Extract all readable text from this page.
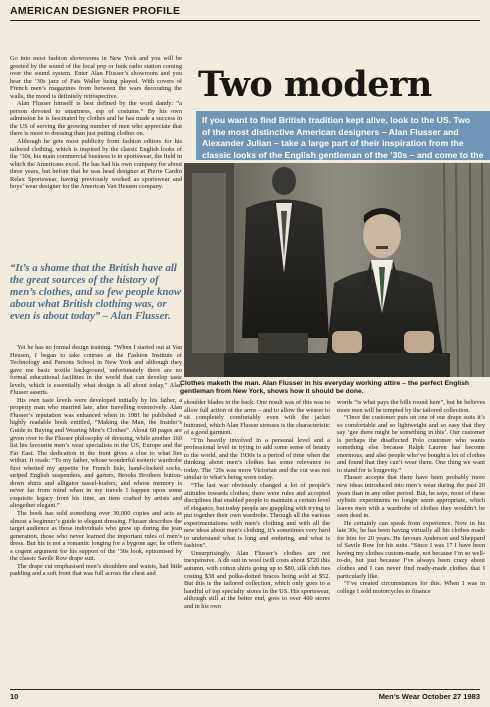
AMERICAN DESIGNER PROFILE
Two modern
If you want to find British tradition kept alive, look to the US. Two
of the most distinctive American designers – Alan Flusser and
Alexander Julian – take a large part of their inspiration from the
classic looks of the English gentleman of the ’30s – and come to the

Go into most fashion showrooms in New York and you will be greeted by the sound of the local pop or funk radio station coming over the sound system. Enter Alan Flusser’s showroom and you hear the ’30s jazz of Fats Waller being played. With covers of French men’s magazines from between the wars decorating the walls, the mood is definitely retrospective.

Alan Flusser himself is best defined by the word dandy: “a person devoted to smartness, esp of costume.” By his own admission he is fascinated by clothes and he has made a success in the US of serving the growing number of men who appreciate that there is more to dressing than just putting clothes on.

Although he gets most publicity from fashion editors for his tailored clothing, which is inspired by the classic English looks of the ’30s, his main commercial business is in sportswear, the field in which the Americans excel. He has had his own company for about three years, but before that he was head designer at Pierre Cardin Relax Sportswear, having previously worked as sportswear and boys’ wear designer for the American Van Heusen company.

“It’s a shame that the British have all the great sources of the history of men’s clothes, and so few people know about what British clothing was, or even is about today” – Alan Flusser.

Yet he has no formal design training. “When I started out at Van Heusen, I began to take courses at the Fashion Institute of Technology and Parsons School in New York and although they gave me basic textile background, unfortunately there are no formal educational facilities in the world that can develop taste levels, which is essentially what design is all about today,” Alan Flusser asserts.

His own taste levels were developed initially by his father, a property man who married late, after travelling extensively. Alan Flusser’s reputation was enhanced when in 1981 he published a highly readable book entitled, “Making the Man, the Insider’s Guide to Buying and Wearing Men’s Clothes”. About 60 pages are given over to the Flusser philosophy of dressing, while another 160 list his favourite men’s wear specialists in the US, Europe and the Far East. The dedication in the front gives a clue to what lies within. It reads: “To my father, whose wonderful esoteric wardrobe first whetted my appetite for French lisle, hand-clocked socks, striped English suspenders, and garters, Brooks Brothers button-down shirts and alligator tassel-loafers, and whose memory is never far from mind when in my travels I happen upon some exquisite legacy from his time, an item crafted by artists and altogether elegant.”

The book has sold something over 30,000 copies and acts as almost a beginner’s guide to elegant dressing. Flusser describes the target audience as those individuals who grew up during the jean generation, those who never learned the important rules of men’s dress. But his is not a romantic longing for a bygone age; he offers a cogent argument for his support of the ’30s look, epitomised by the classic Savile Row drape suit.

The drape cut emphasised men’s shoulders and waists, had little padding and a soft front that was full across the chest and

Clothes maketh the man. Alan Flusser in his everyday working attire – the perfect English gentleman from New York, shows how it should be done.

shoulder blades in the back. One result was of this was to allow full action of the arms – and to allow the wearer to sit completely comfortably even with the jacket buttoned, which Alan Flusser stresses is the characteristic of a good garment.

“I’m heavily involved in a personal level and a professional level in trying to add some sense of beauty to the world, and the 1930s is a period of time when the thinking about men’s clothes has some relevance to today. The ’20s was more Victorian and the cut was not similar to what’s being worn today.

“The last war obviously changed a lot of people’s attitudes towards clothes; there were rules and accepted disciplines that enabled people to maintain a certain level of elegance, but today people are grappling with trying to put together their own wardrobe. Through all the various experimentations with men’s clothing and with all the new ideas about men’s clothing, it’s sometimes very hard to understand what is long and enduring, and what is fashion”.

Unsurprisingly, Alan Flusser’s clothes are not inexpensive. A db suit in wool twill costs about $720 this autumn, with cotton shirts going up to $80, silk club ties costing $38 and polka-dotted braces being sold at $52. But this is the tailored collection, which only goes to a handful of top specialty stores in the US. His sportswear, although still at the better end, goes to over 400 stores and in his own

words “is what pays the bills round here”, but he believes more men will be tempted by the tailored collection.

“Once the customer puts on one of our drape suits it’s so comfortable and so lightweight and so easy that they say ‘gee there might be something in this’. Our customer is perhaps the disaffected Polo customer who wants something else because Ralph Lauren has become enormous, and also people who’ve bought a lot of clothes and found that they can’t wear them. One thing we want to stand for is longevity.”

Flusser accepts that there have been probably more new ideas introduced into men’s wear during the past 20 years than in any other period. But, he says, most of these stylistic experiments no longer seem appropriate, which leaves men with a wardrobe of clothes they wouldn’t be seen dead in.

He certainly can speak from experience. Now in his late 30s, he has been having virtually all his clothes made for him for 20 years. He favours Anderson and Sheppard of Savile Row for his suits. “Since I was 17 I have been having my clothes custom-made, not because I’m so well-to-do, but just because I’ve always been crazy about clothes and I can never find ready-made clothes that I particularly like.

“I’ve created circumstances for this. When I was in college I sold motorcycles to finance

10	Men’s Wear October 27 1983
